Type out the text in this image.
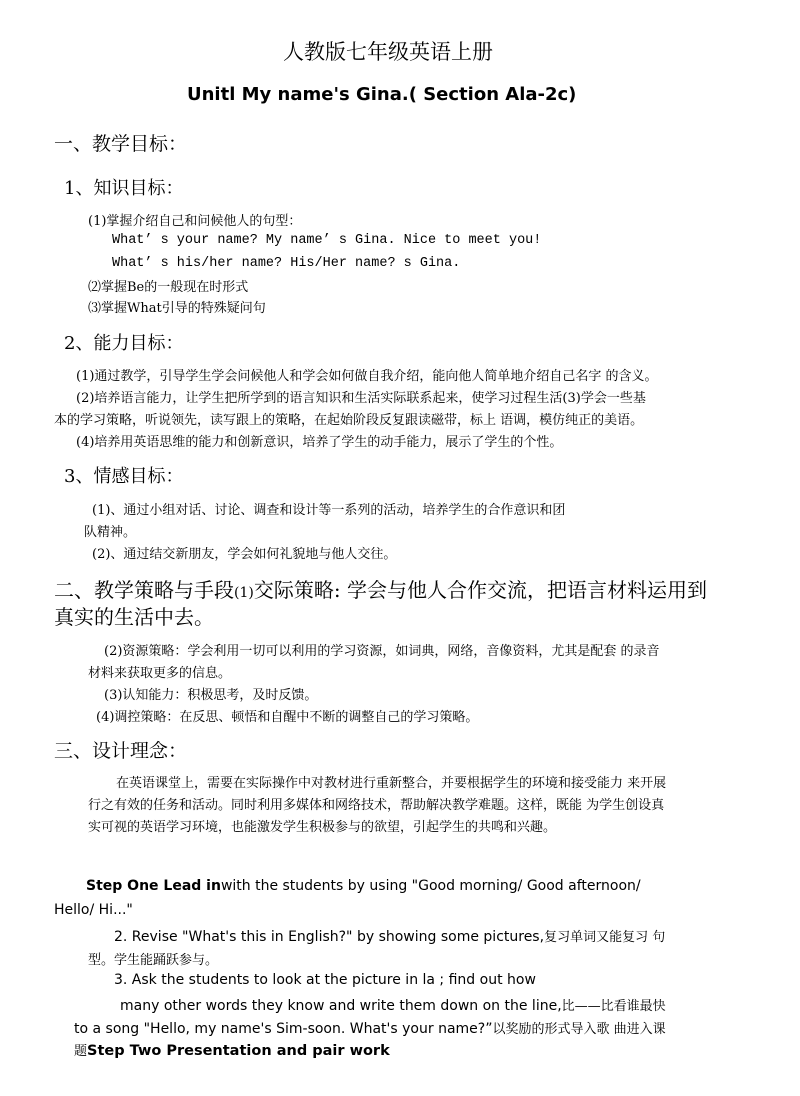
人教版七年级英语上册
Unitl My name's Gina.( Section Ala-2c)
一、教学目标：
1、知识目标：
(1)掌握介绍自己和问候他人的句型：
What’ s your name? My name’ s Gina. Nice to meet you!
What’ s his/her name? His/Her name? s Gina.
⑵掌握Be的一般现在时形式
⑶掌握What引导的特殊疑问句
2、能力目标：
(1)通过教学，引导学生学会问候他人和学会如何做自我介绍，能向他人简单地介绍自己名字 的含义。
(2)培养语言能力，让学生把所学到的语言知识和生活实际联系起来，使学习过程生活(3)学会一些基
本的学习策略，听说领先，读写跟上的策略，在起始阶段反复跟读磁带，标上 语调，模仿纯正的美语。
(4)培养用英语思维的能力和创新意识，培养了学生的动手能力，展示了学生的个性。
3、情感目标：
(1)、通过小组对话、讨论、调查和设计等一系列的活动，培养学生的合作意识和团
队精神。
(2)、通过结交新朋友，学会如何礼貌地与他人交往。
二、教学策略与手段(1)交际策略: 学会与他人合作交流，把语言材料运用到
真实的生活中去。
(2)资源策略：学会利用一切可以利用的学习资源，如词典，网络，音像资料，尤其是配套 的录音
材料来获取更多的信息。
(3)认知能力：积极思考，及时反馈。
(4)调控策略：在反思、顿悟和自醒中不断的调整自己的学习策略。
三、设计理念：
在英语课堂上，需要在实际操作中对教材进行重新整合，并要根据学生的环境和接受能力 来开展
行之有效的任务和活动。同时利用多媒体和网络技术，帮助解决教学难题。这样，既能 为学生创设真
实可视的英语学习环境，也能激发学生积极参与的欲望，引起学生的共鸣和兴趣。
Step One Lead inwith the students by using "Good morning/ Good afternoon/
Hello/ Hi..."
2. Revise "What's this in English?" by showing some pictures,复习单词又能复习 句
型。学生能踊跃参与。
3. Ask the students to look at the picture in la ; find out how
many other words they know and write them down on the line,比——比看谁最快
to a song "Hello, my name's Sim-soon. What's your name?”以奖励的形式导入歌 曲进入课
题Step Two Presentation and pair work
